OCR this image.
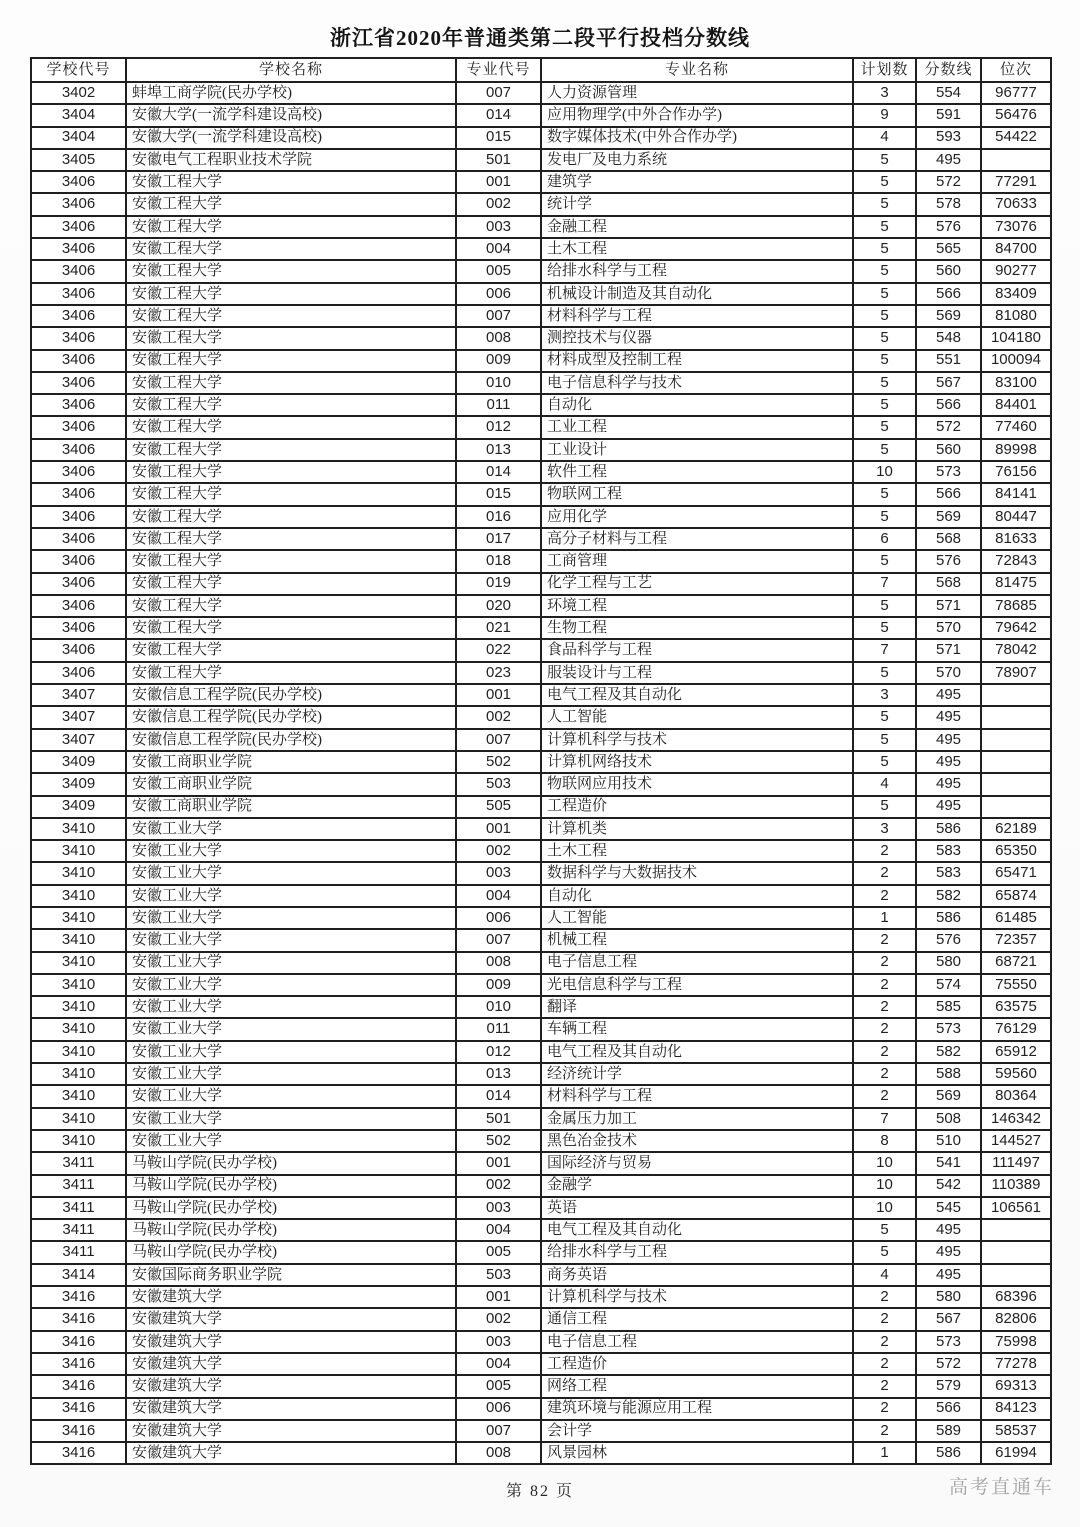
浙江省2020年普通类第二段平行投档分数线
学校代号	学校名称	专业代号	专业名称	计划数	分数线	位次
3402	蚌埠工商学院(民办学校)	007	人力资源管理	3	554	96777
3404	安徽大学(一流学科建设高校)	014	应用物理学(中外合作办学)	9	591	56476
3404	安徽大学(一流学科建设高校)	015	数字媒体技术(中外合作办学)	4	593	54422
3405	安徽电气工程职业技术学院	501	发电厂及电力系统	5	495	
3406	安徽工程大学	001	建筑学	5	572	77291
3406	安徽工程大学	002	统计学	5	578	70633
3406	安徽工程大学	003	金融工程	5	576	73076
3406	安徽工程大学	004	土木工程	5	565	84700
3406	安徽工程大学	005	给排水科学与工程	5	560	90277
3406	安徽工程大学	006	机械设计制造及其自动化	5	566	83409
3406	安徽工程大学	007	材料科学与工程	5	569	81080
3406	安徽工程大学	008	测控技术与仪器	5	548	104180
3406	安徽工程大学	009	材料成型及控制工程	5	551	100094
3406	安徽工程大学	010	电子信息科学与技术	5	567	83100
3406	安徽工程大学	011	自动化	5	566	84401
3406	安徽工程大学	012	工业工程	5	572	77460
3406	安徽工程大学	013	工业设计	5	560	89998
3406	安徽工程大学	014	软件工程	10	573	76156
3406	安徽工程大学	015	物联网工程	5	566	84141
3406	安徽工程大学	016	应用化学	5	569	80447
3406	安徽工程大学	017	高分子材料与工程	6	568	81633
3406	安徽工程大学	018	工商管理	5	576	72843
3406	安徽工程大学	019	化学工程与工艺	7	568	81475
3406	安徽工程大学	020	环境工程	5	571	78685
3406	安徽工程大学	021	生物工程	5	570	79642
3406	安徽工程大学	022	食品科学与工程	7	571	78042
3406	安徽工程大学	023	服装设计与工程	5	570	78907
3407	安徽信息工程学院(民办学校)	001	电气工程及其自动化	3	495	
3407	安徽信息工程学院(民办学校)	002	人工智能	5	495	
3407	安徽信息工程学院(民办学校)	007	计算机科学与技术	5	495	
3409	安徽工商职业学院	502	计算机网络技术	5	495	
3409	安徽工商职业学院	503	物联网应用技术	4	495	
3409	安徽工商职业学院	505	工程造价	5	495	
3410	安徽工业大学	001	计算机类	3	586	62189
3410	安徽工业大学	002	土木工程	2	583	65350
3410	安徽工业大学	003	数据科学与大数据技术	2	583	65471
3410	安徽工业大学	004	自动化	2	582	65874
3410	安徽工业大学	006	人工智能	1	586	61485
3410	安徽工业大学	007	机械工程	2	576	72357
3410	安徽工业大学	008	电子信息工程	2	580	68721
3410	安徽工业大学	009	光电信息科学与工程	2	574	75550
3410	安徽工业大学	010	翻译	2	585	63575
3410	安徽工业大学	011	车辆工程	2	573	76129
3410	安徽工业大学	012	电气工程及其自动化	2	582	65912
3410	安徽工业大学	013	经济统计学	2	588	59560
3410	安徽工业大学	014	材料科学与工程	2	569	80364
3410	安徽工业大学	501	金属压力加工	7	508	146342
3410	安徽工业大学	502	黑色冶金技术	8	510	144527
3411	马鞍山学院(民办学校)	001	国际经济与贸易	10	541	111497
3411	马鞍山学院(民办学校)	002	金融学	10	542	110389
3411	马鞍山学院(民办学校)	003	英语	10	545	106561
3411	马鞍山学院(民办学校)	004	电气工程及其自动化	5	495	
3411	马鞍山学院(民办学校)	005	给排水科学与工程	5	495	
3414	安徽国际商务职业学院	503	商务英语	4	495	
3416	安徽建筑大学	001	计算机科学与技术	2	580	68396
3416	安徽建筑大学	002	通信工程	2	567	82806
3416	安徽建筑大学	003	电子信息工程	2	573	75998
3416	安徽建筑大学	004	工程造价	2	572	77278
3416	安徽建筑大学	005	网络工程	2	579	69313
3416	安徽建筑大学	006	建筑环境与能源应用工程	2	566	84123
3416	安徽建筑大学	007	会计学	2	589	58537
3416	安徽建筑大学	008	风景园林	1	586	61994
第 82 页	高考直通车
